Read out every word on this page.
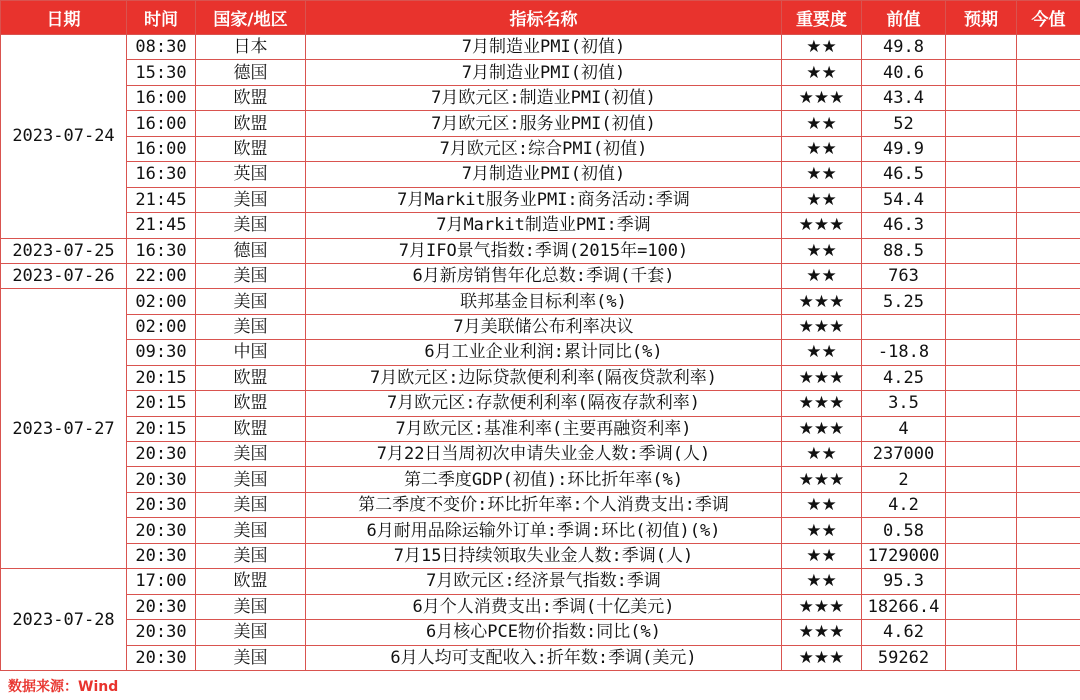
日期	时间	国家/地区	指标名称	重要度	前值	预期	今值
2023-07-24	08:30	日本	7月制造业PMI(初值)	★★	49.8		
	15:30	德国	7月制造业PMI(初值)	★★	40.6		
	16:00	欧盟	7月欧元区:制造业PMI(初值)	★★★	43.4		
	16:00	欧盟	7月欧元区:服务业PMI(初值)	★★	52		
	16:00	欧盟	7月欧元区:综合PMI(初值)	★★	49.9		
	16:30	英国	7月制造业PMI(初值)	★★	46.5		
	21:45	美国	7月Markit服务业PMI:商务活动:季调	★★	54.4		
	21:45	美国	7月Markit制造业PMI:季调	★★★	46.3		
2023-07-25	16:30	德国	7月IFO景气指数:季调(2015年=100)	★★	88.5		
2023-07-26	22:00	美国	6月新房销售年化总数:季调(千套)	★★	763		
2023-07-27	02:00	美国	联邦基金目标利率(%)	★★★	5.25		
	02:00	美国	7月美联储公布利率决议	★★★			
	09:30	中国	6月工业企业利润:累计同比(%)	★★	-18.8		
	20:15	欧盟	7月欧元区:边际贷款便利利率(隔夜贷款利率)	★★★	4.25		
	20:15	欧盟	7月欧元区:存款便利利率(隔夜存款利率)	★★★	3.5		
	20:15	欧盟	7月欧元区:基准利率(主要再融资利率)	★★★	4		
	20:30	美国	7月22日当周初次申请失业金人数:季调(人)	★★	237000		
	20:30	美国	第二季度GDP(初值):环比折年率(%)	★★★	2		
	20:30	美国	第二季度不变价:环比折年率:个人消费支出:季调	★★	4.2		
	20:30	美国	6月耐用品除运输外订单:季调:环比(初值)(%)	★★	0.58		
	20:30	美国	7月15日持续领取失业金人数:季调(人)	★★	1729000		
2023-07-28	17:00	欧盟	7月欧元区:经济景气指数:季调	★★	95.3		
	20:30	美国	6月个人消费支出:季调(十亿美元)	★★★	18266.4		
	20:30	美国	6月核心PCE物价指数:同比(%)	★★★	4.62		
	20:30	美国	6月人均可支配收入:折年数:季调(美元)	★★★	59262		
数据来源：Wind
